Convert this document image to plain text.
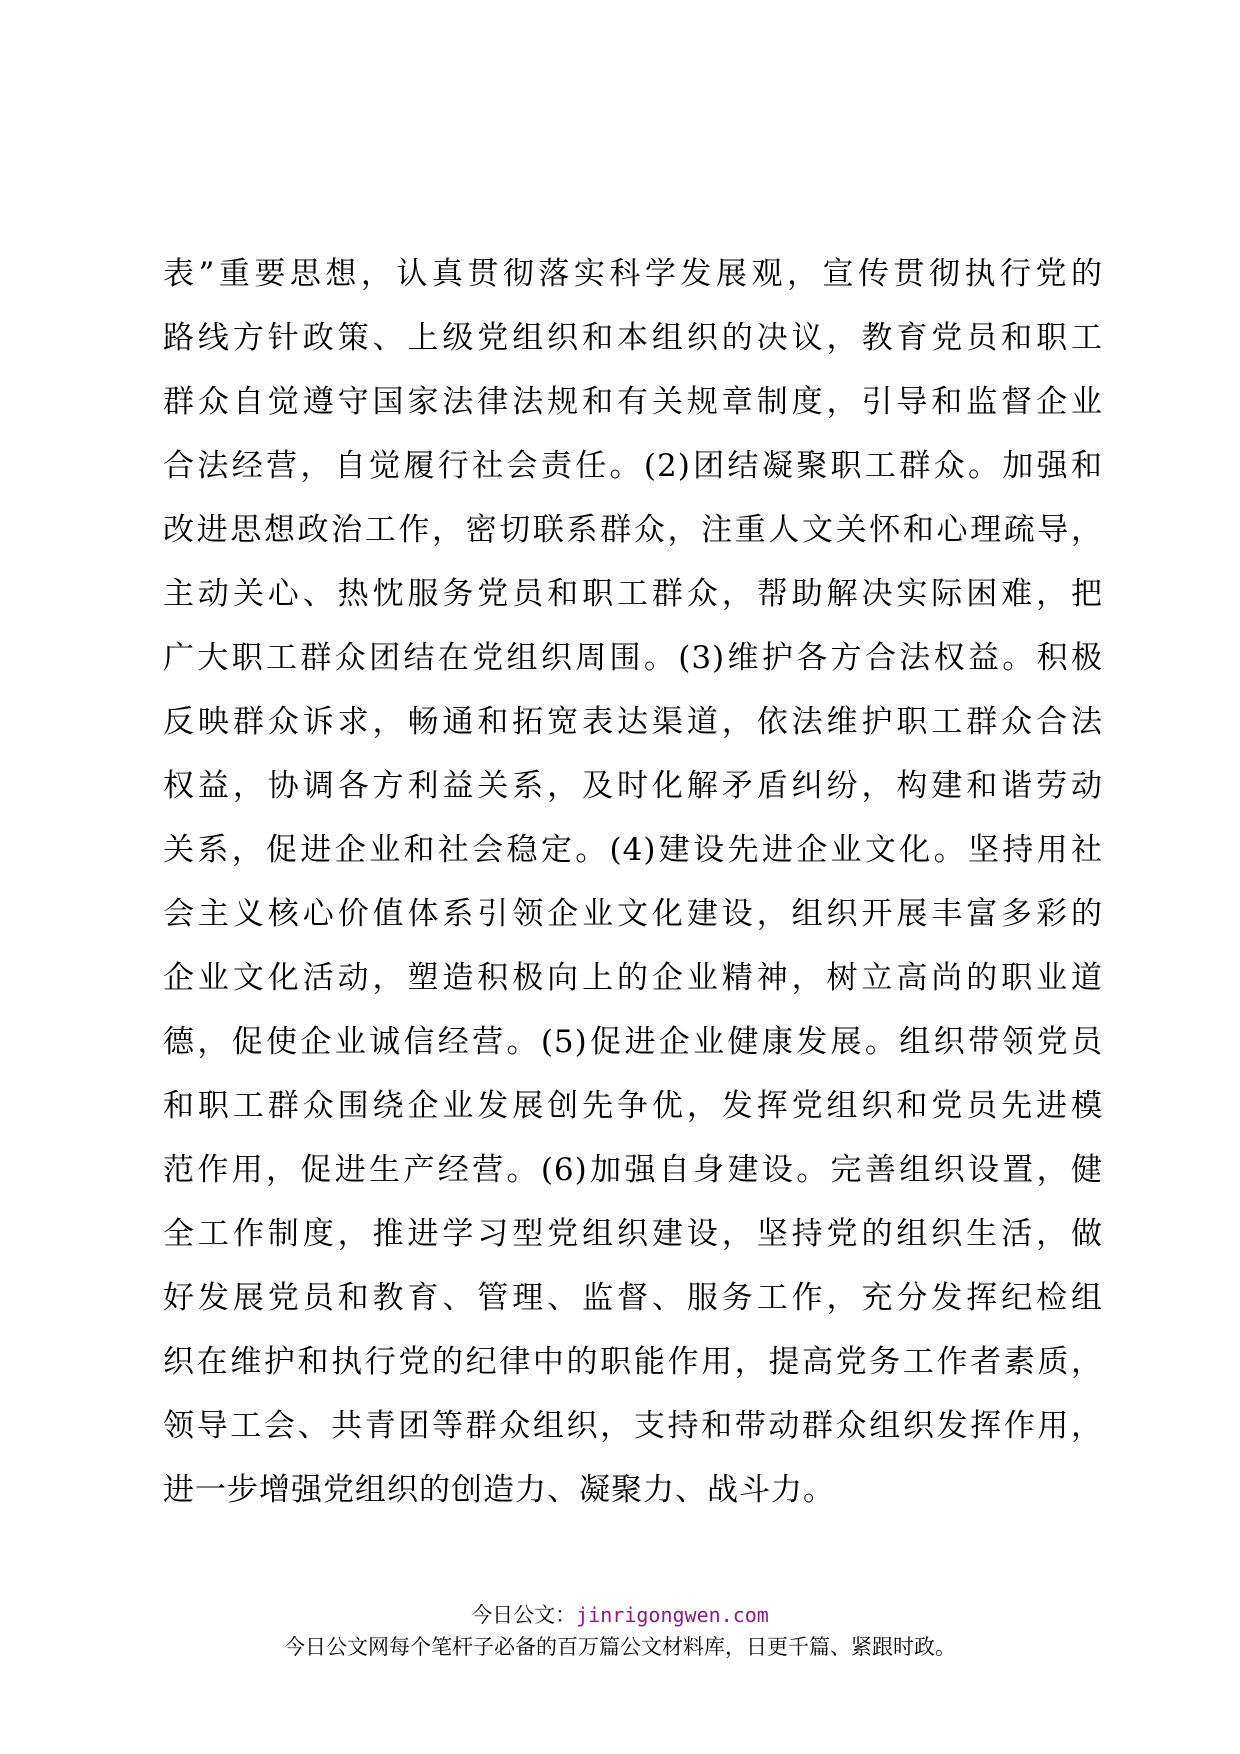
表”重要思想，认真贯彻落实科学发展观，宣传贯彻执行党的
路线方针政策、上级党组织和本组织的决议，教育党员和职工
群众自觉遵守国家法律法规和有关规章制度，引导和监督企业
合法经营，自觉履行社会责任。(2)团结凝聚职工群众。加强和
改进思想政治工作，密切联系群众，注重人文关怀和心理疏导，
主动关心、热忱服务党员和职工群众，帮助解决实际困难，把
广大职工群众团结在党组织周围。(3)维护各方合法权益。积极
反映群众诉求，畅通和拓宽表达渠道，依法维护职工群众合法
权益，协调各方利益关系，及时化解矛盾纠纷，构建和谐劳动
关系，促进企业和社会稳定。(4)建设先进企业文化。坚持用社
会主义核心价值体系引领企业文化建设，组织开展丰富多彩的
企业文化活动，塑造积极向上的企业精神，树立高尚的职业道
德，促使企业诚信经营。(5)促进企业健康发展。组织带领党员
和职工群众围绕企业发展创先争优，发挥党组织和党员先进模
范作用，促进生产经营。(6)加强自身建设。完善组织设置，健
全工作制度，推进学习型党组织建设，坚持党的组织生活，做
好发展党员和教育、管理、监督、服务工作，充分发挥纪检组
织在维护和执行党的纪律中的职能作用，提高党务工作者素质，
领导工会、共青团等群众组织，支持和带动群众组织发挥作用，
进一步增强党组织的创造力、凝聚力、战斗力。
今日公文：jinrigongwen.com
今日公文网每个笔杆子必备的百万篇公文材料库，日更千篇、紧跟时政。
